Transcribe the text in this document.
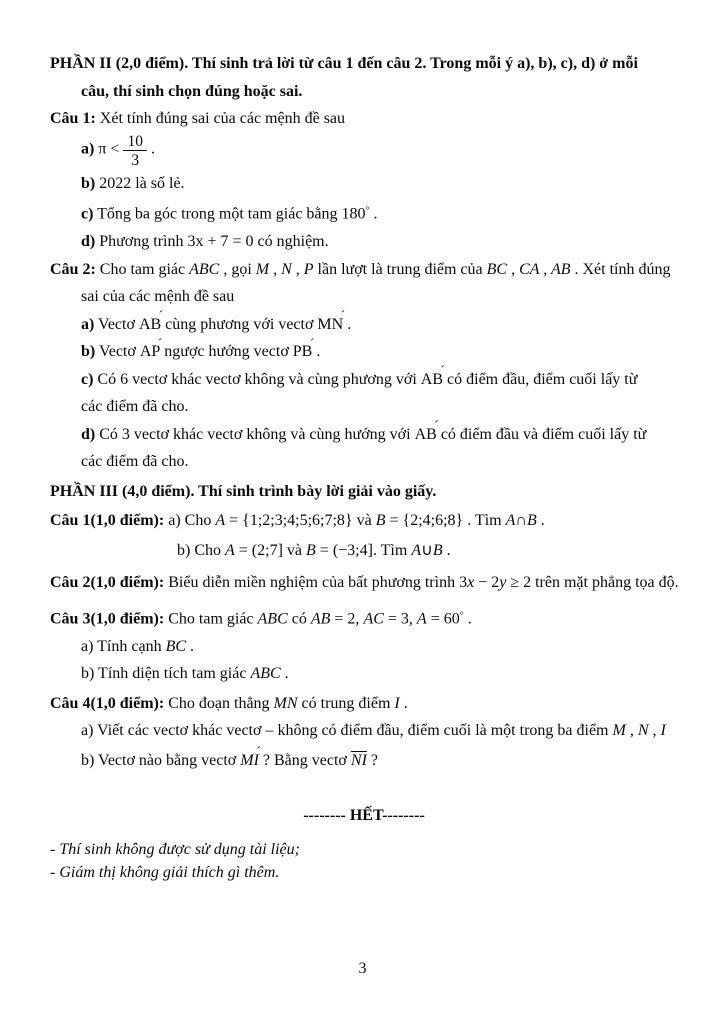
PHẦN II (2,0 điểm). Thí sinh trả lời từ câu 1 đến câu 2. Trong mỗi ý a), b), c), d) ở mỗi
câu, thí sinh chọn đúng hoặc sai.
Câu 1: Xét tính đúng sai của các mệnh đề sau
a) $\pi < \frac{10}{3}$ .
b) 2022 là số lẻ.
c) Tổng ba góc trong một tam giác bằng 180° .
d) Phương trình 3x + 7 = 0 có nghiệm.
Câu 2: Cho tam giác ABC , gọi M , N , P lần lượt là trung điểm của BC , CA , AB . Xét tính đúng
sai của các mệnh đề sau
a) Vectơ AB ´ cùng phương với vectơ MN ´ .
b) Vectơ AP ´ ngược hướng vectơ PB ´ .
c) Có 6 vectơ khác vectơ không và cùng phương với AB ´ có điểm đầu, điểm cuối lấy từ
các điểm đã cho.
d) Có 3 vectơ khác vectơ không và cùng hướng với AB ´ có điểm đầu và điểm cuối lấy từ
các điểm đã cho.
PHẦN III (4,0 điểm). Thí sinh trình bày lời giải vào giấy.
Câu 1(1,0 điểm): a) Cho A = {1;2;3;4;5;6;7;8} và B = {2;4;6;8} . Tìm A∩B .
b) Cho A = (2;7] và B = (−3;4]. Tìm A∪B .
Câu 2(1,0 điểm): Biểu diễn miền nghiệm của bất phương trình 3x − 2y ≥ 2 trên mặt phẳng tọa độ.
Câu 3(1,0 điểm): Cho tam giác ABC có AB = 2, AC = 3, A = 60° .
a) Tính cạnh BC .
b) Tính diện tích tam giác ABC .
Câu 4(1,0 điểm): Cho đoạn thẳng MN có trung điểm I .
a) Viết các vectơ khác vectơ – không có điểm đầu, điểm cuối là một trong ba điểm M , N , I
b) Vectơ nào bằng vectơ MI ´ ? Bằng vectơ $\overline{NI}$ ?
-------- HẾT--------
- Thí sinh không được sử dụng tài liệu;
- Giám thị không giải thích gì thêm.
3
